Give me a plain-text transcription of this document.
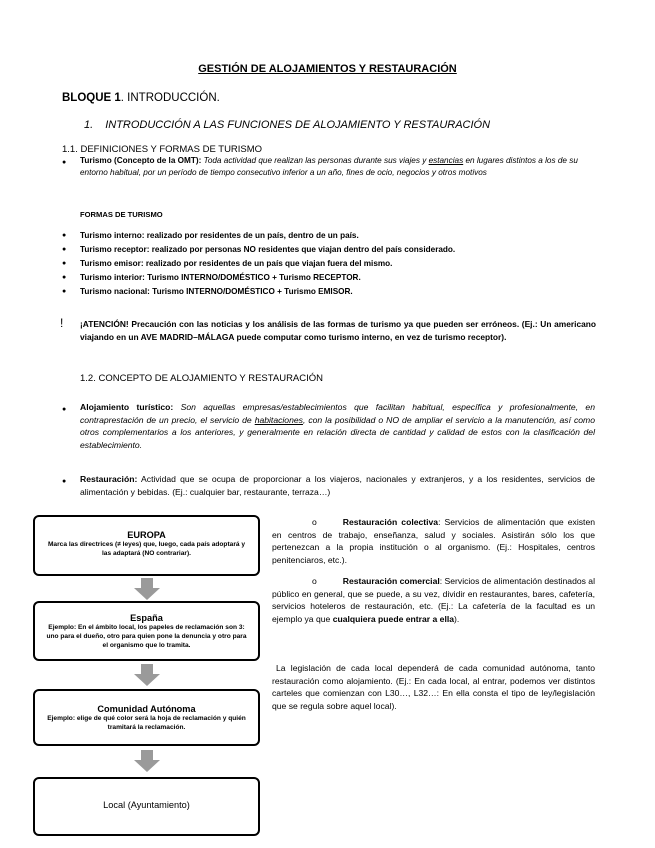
GESTIÓN DE ALOJAMIENTOS Y RESTAURACIÓN
BLOQUE 1. INTRODUCCIÓN.
1. INTRODUCCIÓN A LAS FUNCIONES DE ALOJAMIENTO Y RESTAURACIÓN
1.1. DEFINICIONES Y FORMAS DE TURISMO
● Turismo (Concepto de la OMT): Toda actividad que realizan las personas durante sus viajes y estancias en lugares distintos a los de su entorno habitual, por un período de tiempo consecutivo inferior a un año, fines de ocio, negocios y otros motivos
FORMAS DE TURISMO
● Turismo interno: realizado por residentes de un país, dentro de un país.
● Turismo receptor: realizado por personas NO residentes que viajan dentro del país considerado.
● Turismo emisor: realizado por residentes de un país que viajan fuera del mismo.
● Turismo interior: Turismo INTERNO/DOMÉSTICO + Turismo RECEPTOR.
● Turismo nacional: Turismo INTERNO/DOMÉSTICO + Turismo EMISOR.
! ¡ATENCIÓN! Precaución con las noticias y los análisis de las formas de turismo ya que pueden ser erróneos. (Ej.: Un americano viajando en un AVE MADRID–MÁLAGA puede computar como turismo interno, en vez de turismo receptor).
1.2. CONCEPTO DE ALOJAMIENTO Y RESTAURACIÓN
● Alojamiento turístico: Son aquellas empresas/establecimientos que facilitan habitual, específica y profesionalmente, en contraprestación de un precio, el servicio de habitaciones, con la posibilidad o NO de ampliar el servicio a la manutención, así como otros complementarios a los anteriores, y generalmente en relación directa de cantidad y calidad de estos con la clasificación del establecimiento.
● Restauración: Actividad que se ocupa de proporcionar a los viajeros, nacionales y extranjeros, y a los residentes, servicios de alimentación y bebidas. (Ej.: cualquier bar, restaurante, terraza…)
o	Restauración colectiva: Servicios de alimentación que existen en centros de trabajo, enseñanza, salud y sociales. Asistirán sólo los que pertenezcan a la propia institución o al organismo. (Ej.: Hospitales, centros penitenciaros, etc.).
o	Restauración comercial: Servicios de alimentación destinados al público en general, que se puede, a su vez, dividir en restaurantes, bares, cafetería, servicios hoteleros de restauración, etc. (Ej.: La cafetería de la facultad es un ejemplo ya que cualquiera puede entrar a ella).
La legislación de cada local dependerá de cada comunidad autónoma, tanto restauración como alojamiento. (Ej.: En cada local, al entrar, podemos ver distintos carteles que comienzan con L30…, L32…: En ella consta el tipo de ley/legislación que se regula sobre aquel local).
EUROPA
Marca las directrices (≠ leyes) que, luego, cada país adoptará y las adaptará (NO contrariar).
España
Ejemplo: En el ámbito local, los papeles de reclamación son 3: uno para el dueño, otro para quien pone la denuncia y otro para el organismo que lo tramita.
Comunidad Autónoma
Ejemplo: elige de qué color será la hoja de reclamación y quién tramitará la reclamación.
Local (Ayuntamiento)
